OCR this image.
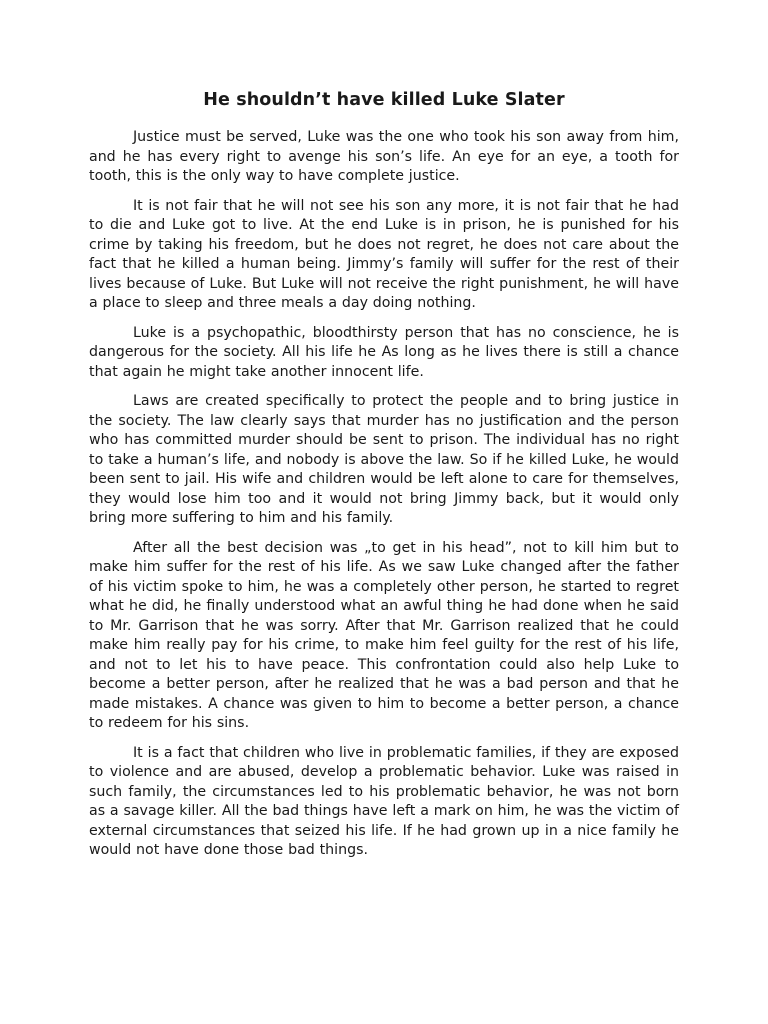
He shouldn’t have killed Luke Slater

Justice must be served, Luke was the one who took his son away from him, and he has every right to avenge his son’s life. An eye for an eye, a tooth for tooth, this is the only way to have complete justice.

It is not fair that he will not see his son any more, it is not fair that he had to die and Luke got to live. At the end Luke is in prison, he is punished for his crime by taking his freedom, but he does not regret, he does not care about the fact that he killed a human being. Jimmy’s family will suffer for the rest of their lives because of Luke. But Luke will not receive the right punishment, he will have a place to sleep and three meals a day doing nothing.

Luke is a psychopathic, bloodthirsty person that has no conscience, he is dangerous for the society. All his life he As long as he lives there is still a chance that again he might take another innocent life.

Laws are created specifically to protect the people and to bring justice in the society. The law clearly says that murder has no justification and the person who has committed murder should be sent to prison. The individual has no right to take a human’s life, and nobody is above the law. So if he killed Luke, he would been sent to jail. His wife and children would be left alone to care for themselves, they would lose him too and it would not bring Jimmy back, but it would only bring more suffering to him and his family.

After all the best decision was „to get in his head”, not to kill him but to make him suffer for the rest of his life. As we saw Luke changed after the father of his victim spoke to him, he was a completely other person, he started to regret what he did, he finally understood what an awful thing he had done when he said to Mr. Garrison that he was sorry. After that Mr. Garrison realized that he could make him really pay for his crime, to make him feel guilty for the rest of his life, and not to let his to have peace. This confrontation could also help Luke to become a better person, after he realized that he was a bad person and that he made mistakes. A chance was given to him to become a better person, a chance to redeem for his sins.

It is a fact that children who live in problematic families, if they are exposed to violence and are abused, develop a problematic behavior. Luke was raised in such family, the circumstances led to his problematic behavior, he was not born as a savage killer. All the bad things have left a mark on him, he was the victim of external circumstances that seized his life. If he had grown up in a nice family he would not have done those bad things.
